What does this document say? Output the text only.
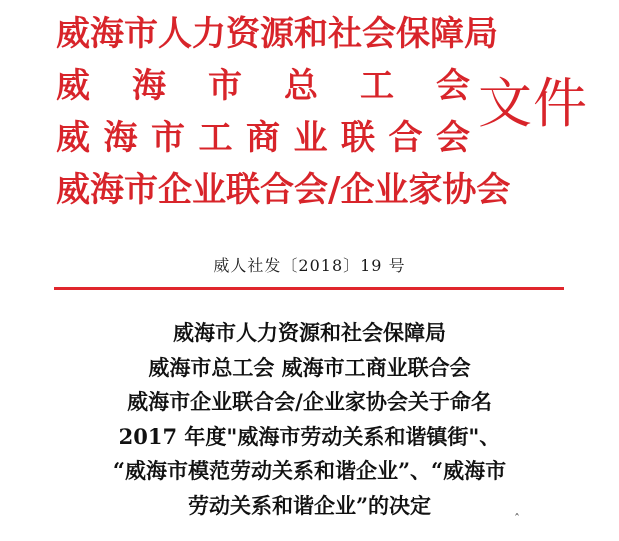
威海市人力资源和社会保障局
威 海 市 总 工 会
威 海 市 工 商 业 联 合 会
威海市企业联合会/企业家协会
文件
威人社发〔2018〕19 号
威海市人力资源和社会保障局
威海市总工会 威海市工商业联合会
威海市企业联合会/企业家协会关于命名
2017 年度"威海市劳动关系和谐镇街"、
“威海市模范劳动关系和谐企业”、“威海市
劳动关系和谐企业”的决定
ˆ
